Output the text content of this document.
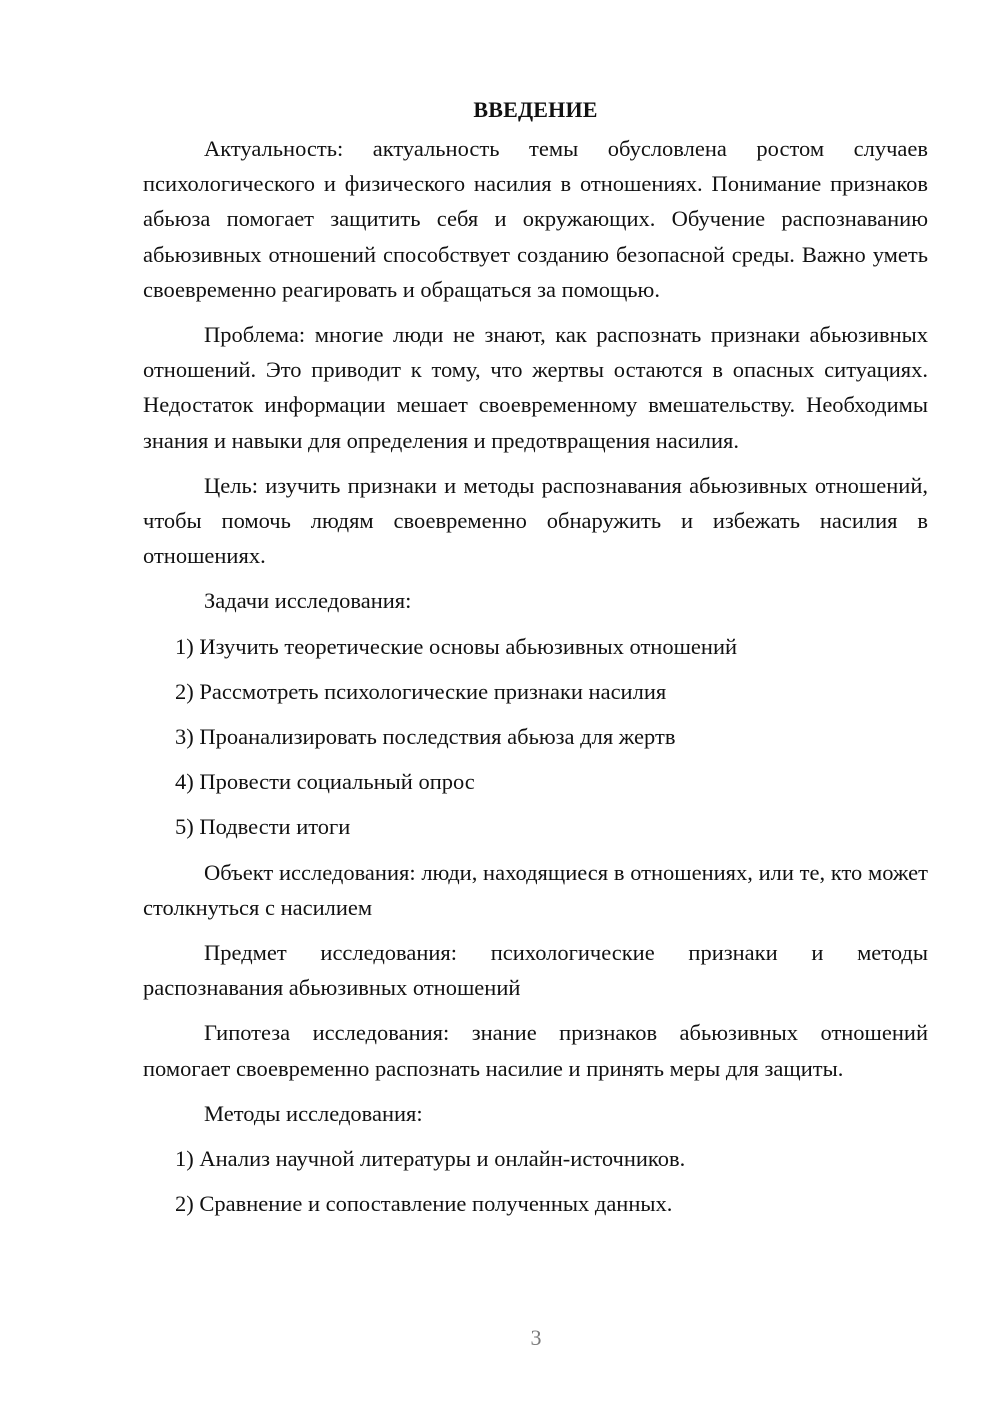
ВВЕДЕНИЕ

Актуальность: актуальность темы обусловлена ростом случаев психологического и физического насилия в отношениях. Понимание признаков абьюза помогает защитить себя и окружающих. Обучение распознаванию абьюзивных отношений способствует созданию безопасной среды. Важно уметь своевременно реагировать и обращаться за помощью.

Проблема: многие люди не знают, как распознать признаки абьюзивных отношений. Это приводит к тому, что жертвы остаются в опасных ситуациях. Недостаток информации мешает своевременному вмешательству. Необходимы знания и навыки для определения и предотвращения насилия.

Цель: изучить признаки и методы распознавания абьюзивных отношений, чтобы помочь людям своевременно обнаружить и избежать насилия в отношениях.

Задачи исследования:

1) Изучить теоретические основы абьюзивных отношений
2) Рассмотреть психологические признаки насилия
3) Проанализировать последствия абьюза для жертв
4) Провести социальный опрос
5) Подвести итоги

Объект исследования: люди, находящиеся в отношениях, или те, кто может столкнуться с насилием

Предмет исследования: психологические признаки и методы распознавания абьюзивных отношений

Гипотеза исследования: знание признаков абьюзивных отношений помогает своевременно распознать насилие и принять меры для защиты.

Методы исследования:

1) Анализ научной литературы и онлайн-источников.
2) Сравнение и сопоставление полученных данных.
3
